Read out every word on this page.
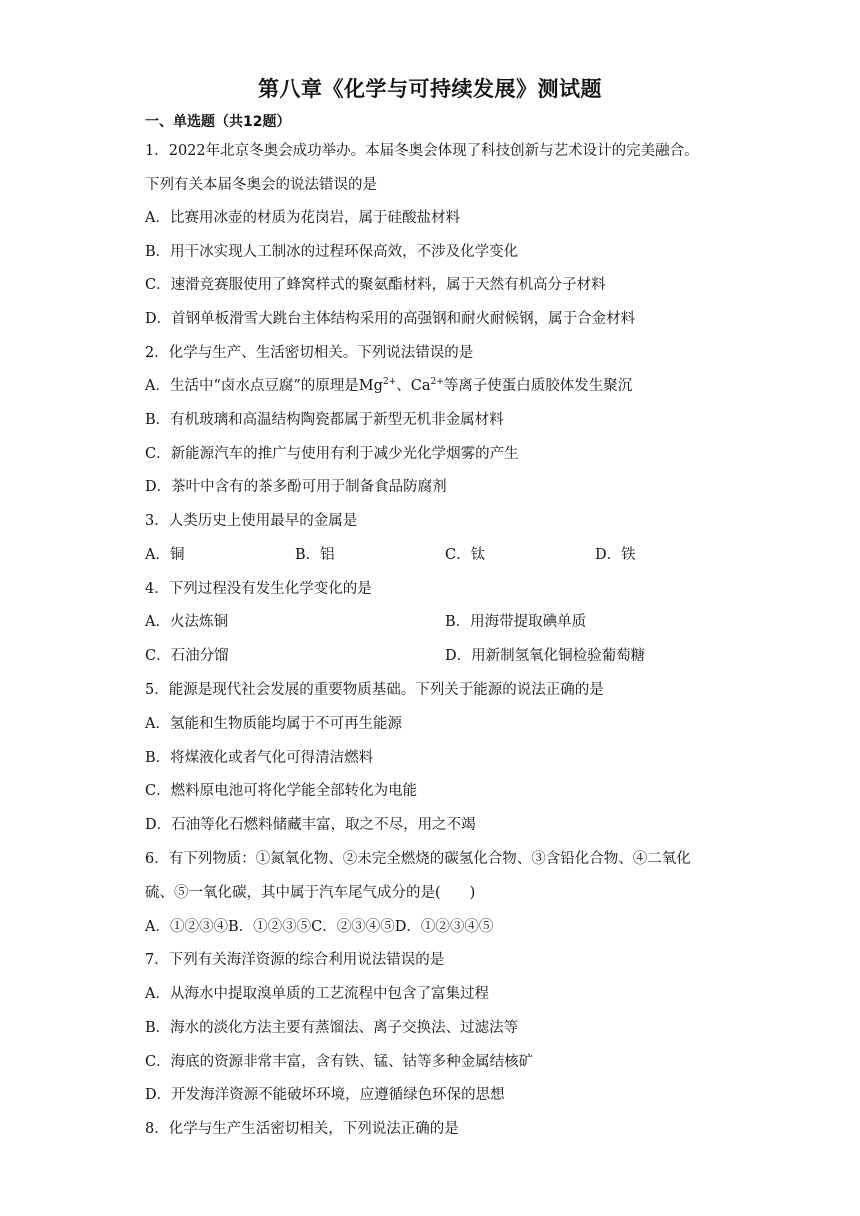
第八章《化学与可持续发展》测试题
一、单选题（共12题）
1．2022年北京冬奥会成功举办。本届冬奥会体现了科技创新与艺术设计的完美融合。
下列有关本届冬奥会的说法错误的是
A．比赛用冰壶的材质为花岗岩，属于硅酸盐材料
B．用干冰实现人工制冰的过程环保高效，不涉及化学变化
C．速滑竞赛服使用了蜂窝样式的聚氨酯材料，属于天然有机高分子材料
D．首钢单板滑雪大跳台主体结构采用的高强钢和耐火耐候钢，属于合金材料
2．化学与生产、生活密切相关。下列说法错误的是
A．生活中“卤水点豆腐”的原理是$Mg^{2+}$、$Ca^{2+}$等离子使蛋白质胶体发生聚沉
B．有机玻璃和高温结构陶瓷都属于新型无机非金属材料
C．新能源汽车的推广与使用有利于减少光化学烟雾的产生
D．茶叶中含有的茶多酚可用于制备食品防腐剂
3．人类历史上使用最早的金属是
A．铜	B．铝	C．钛	D．铁
4．下列过程没有发生化学变化的是
A．火法炼铜	B．用海带提取碘单质
C．石油分馏	D．用新制氢氧化铜检验葡萄糖
5．能源是现代社会发展的重要物质基础。下列关于能源的说法正确的是
A．氢能和生物质能均属于不可再生能源
B．将煤液化或者气化可得清洁燃料
C．燃料原电池可将化学能全部转化为电能
D．石油等化石燃料储藏丰富，取之不尽，用之不竭
6．有下列物质：①氮氧化物、②未完全燃烧的碳氢化合物、③含铅化合物、④二氧化
硫、⑤一氧化碳，其中属于汽车尾气成分的是(　　)
A．①②③④B．①②③⑤C．②③④⑤D．①②③④⑤
7．下列有关海洋资源的综合利用说法错误的是
A．从海水中提取溴单质的工艺流程中包含了富集过程
B．海水的淡化方法主要有蒸馏法、离子交换法、过滤法等
C．海底的资源非常丰富，含有铁、锰、钴等多种金属结核矿
D．开发海洋资源不能破坏环境，应遵循绿色环保的思想
8．化学与生产生活密切相关，下列说法正确的是
